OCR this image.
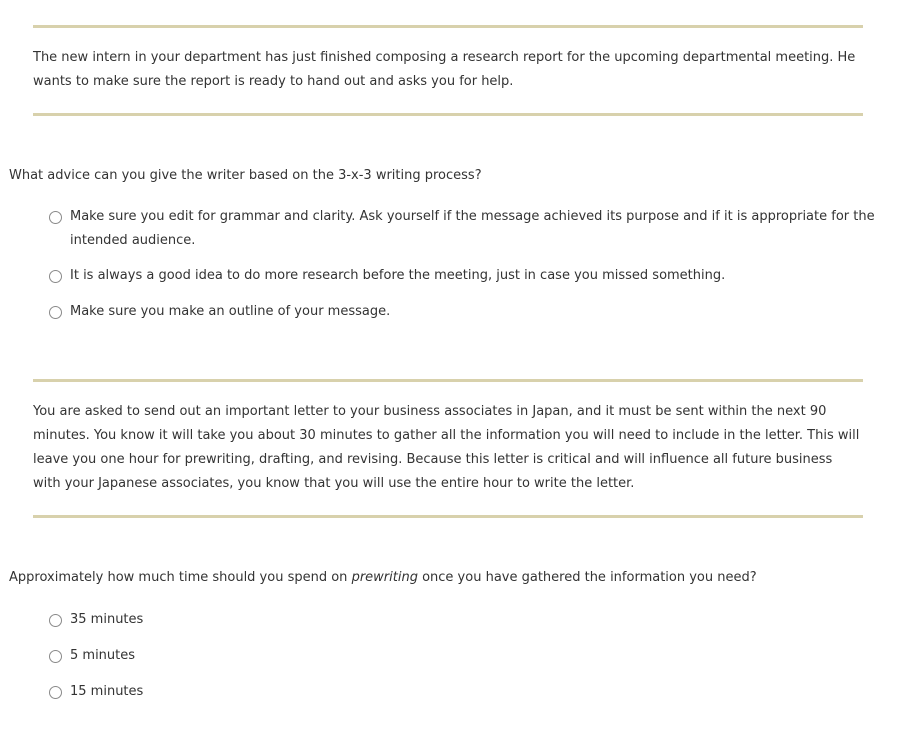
The new intern in your department has just finished composing a research report for the upcoming departmental meeting. He wants to make sure the report is ready to hand out and asks you for help.

What advice can you give the writer based on the 3-x-3 writing process?

Make sure you edit for grammar and clarity. Ask yourself if the message achieved its purpose and if it is appropriate for the intended audience.
It is always a good idea to do more research before the meeting, just in case you missed something.
Make sure you make an outline of your message.

You are asked to send out an important letter to your business associates in Japan, and it must be sent within the next 90 minutes. You know it will take you about 30 minutes to gather all the information you will need to include in the letter. This will leave you one hour for prewriting, drafting, and revising. Because this letter is critical and will influence all future business with your Japanese associates, you know that you will use the entire hour to write the letter.

Approximately how much time should you spend on prewriting once you have gathered the information you need?

35 minutes
5 minutes
15 minutes
